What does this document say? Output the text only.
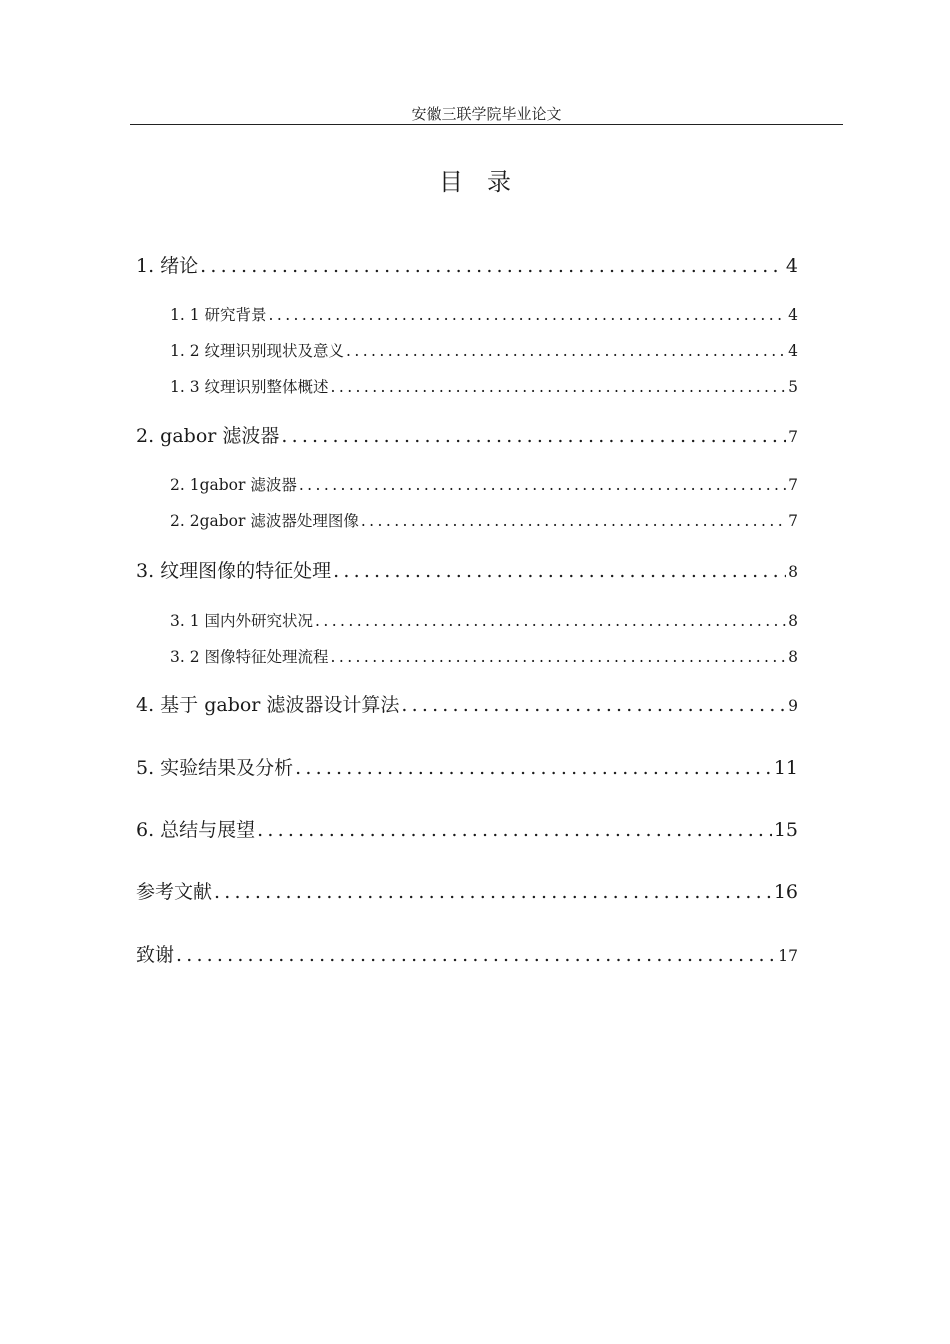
安徽三联学院毕业论文
目录
1. 绪论 .....	4
1. 1 研究背景 .....	4
1. 2 纹理识别现状及意义 .....	4
1. 3 纹理识别整体概述 .....	5
2. gabor 滤波器 .....	7
2. 1gabor 滤波器 .....	7
2. 2gabor 滤波器处理图像 .....	7
3. 纹理图像的特征处理 .....	8
3. 1 国内外研究状况 .....	8
3. 2 图像特征处理流程 .....	8
4. 基于 gabor 滤波器设计算法 .....	9
5. 实验结果及分析 .....	11
6. 总结与展望 .....	15
参考文献 .....	16
致谢 .....	17
